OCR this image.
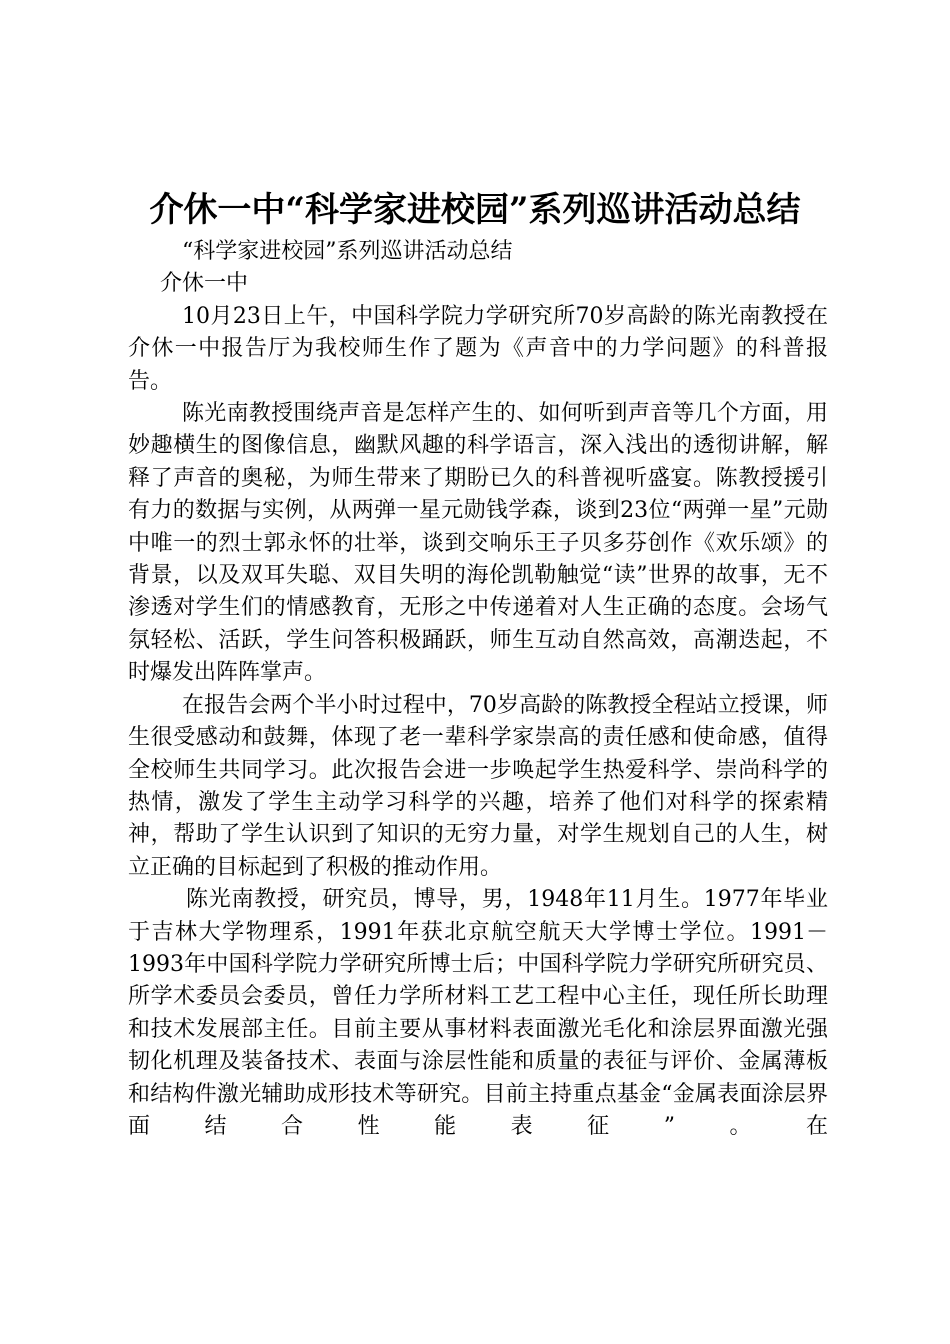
介休一中“科学家进校园”系列巡讲活动总结

“科学家进校园”系列巡讲活动总结

介休一中

10月23日上午，中国科学院力学研究所70岁高龄的陈光南教授在介休一中报告厅为我校师生作了题为《声音中的力学问题》的科普报告。

陈光南教授围绕声音是怎样产生的、如何听到声音等几个方面，用妙趣横生的图像信息，幽默风趣的科学语言，深入浅出的透彻讲解，解释了声音的奥秘，为师生带来了期盼已久的科普视听盛宴。陈教授援引有力的数据与实例，从两弹一星元勋钱学森，谈到23位“两弹一星”元勋中唯一的烈士郭永怀的壮举，谈到交响乐王子贝多芬创作《欢乐颂》的背景，以及双耳失聪、双目失明的海伦凯勒触觉“读”世界的故事，无不渗透对学生们的情感教育，无形之中传递着对人生正确的态度。会场气氛轻松、活跃，学生问答积极踊跃，师生互动自然高效，高潮迭起，不时爆发出阵阵掌声。

在报告会两个半小时过程中，70岁高龄的陈教授全程站立授课，师生很受感动和鼓舞，体现了老一辈科学家崇高的责任感和使命感，值得全校师生共同学习。此次报告会进一步唤起学生热爱科学、崇尚科学的热情，激发了学生主动学习科学的兴趣，培养了他们对科学的探索精神，帮助了学生认识到了知识的无穷力量，对学生规划自己的人生，树立正确的目标起到了积极的推动作用。

陈光南教授，研究员，博导，男，1948年11月生。1977年毕业于吉林大学物理系，1991年获北京航空航天大学博士学位。1991－1993年中国科学院力学研究所博士后；中国科学院力学研究所研究员、所学术委员会委员，曾任力学所材料工艺工程中心主任，现任所长助理和技术发展部主任。目前主要从事材料表面激光毛化和涂层界面激光强韧化机理及装备技术、表面与涂层性能和质量的表征与评价、金属薄板和结构件激光辅助成形技术等研究。目前主持重点基金“金属表面涂层界面结合性能表征”。在
